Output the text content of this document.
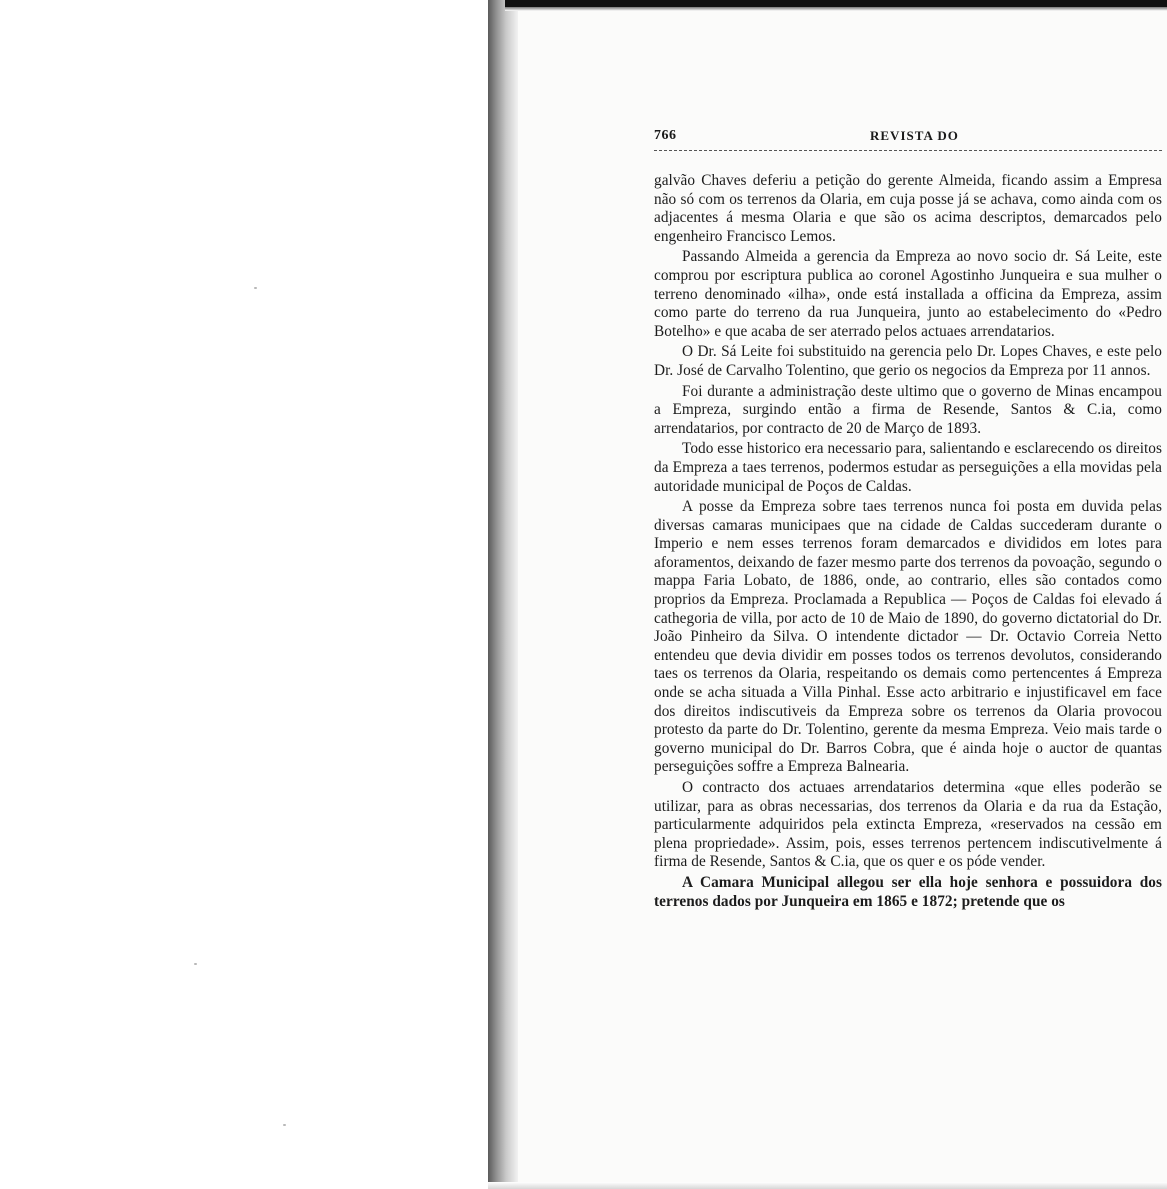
766	REVISTA DO

galvão Chaves deferiu a petição do gerente Almeida, ficando assim a Empresa não só com os terrenos da Olaria, em cuja posse já se achava, como ainda com os adjacentes á mesma Olaria e que são os acima descriptos, demarcados pelo engenheiro Francisco Lemos.

Passando Almeida a gerencia da Empreza ao novo socio dr. Sá Leite, este comprou por escriptura publica ao coronel Agostinho Junqueira e sua mulher o terreno denominado «ilha», onde está installada a officina da Empreza, assim como parte do terreno da rua Junqueira, junto ao estabelecimento do «Pedro Botelho» e que acaba de ser aterrado pelos actuaes arrendatarios.

O Dr. Sá Leite foi substituido na gerencia pelo Dr. Lopes Chaves, e este pelo Dr. José de Carvalho Tolentino, que gerio os negocios da Empreza por 11 annos.

Foi durante a administração deste ultimo que o governo de Minas encampou a Empreza, surgindo então a firma de Resende, Santos & C.ia, como arrendatarios, por contracto de 20 de Março de 1893.

Todo esse historico era necessario para, salientando e esclarecendo os direitos da Empreza a taes terrenos, podermos estudar as perseguições a ella movidas pela autoridade municipal de Poços de Caldas.

A posse da Empreza sobre taes terrenos nunca foi posta em duvida pelas diversas camaras municipaes que na cidade de Caldas succederam durante o Imperio e nem esses terrenos foram demarcados e divididos em lotes para aforamentos, deixando de fazer mesmo parte dos terrenos da povoação, segundo o mappa Faria Lobato, de 1886, onde, ao contrario, elles são contados como proprios da Empreza. Proclamada a Republica — Poços de Caldas foi elevado á cathegoria de villa, por acto de 10 de Maio de 1890, do governo dictatorial do Dr. João Pinheiro da Silva. O intendente dictador — Dr. Octavio Correia Netto entendeu que devia dividir em posses todos os terrenos devolutos, considerando taes os terrenos da Olaria, respeitando os demais como pertencentes á Empreza onde se acha situada a Villa Pinhal. Esse acto arbitrario e injustificavel em face dos direitos indiscutiveis da Empreza sobre os terrenos da Olaria provocou protesto da parte do Dr. Tolentino, gerente da mesma Empreza. Veio mais tarde o governo municipal do Dr. Barros Cobra, que é ainda hoje o auctor de quantas perseguições soffre a Empreza Balnearia.

O contracto dos actuaes arrendatarios determina «que elles poderão se utilizar, para as obras necessarias, dos terrenos da Olaria e da rua da Estação, particularmente adquiridos pela extincta Empreza, «reservados na cessão em plena propriedade». Assim, pois, esses terrenos pertencem indiscutivelmente á firma de Resende, Santos & C.ia, que os quer e os póde vender.

A Camara Municipal allegou ser ella hoje senhora e possuidora dos terrenos dados por Junqueira em 1865 e 1872; pretende que os
